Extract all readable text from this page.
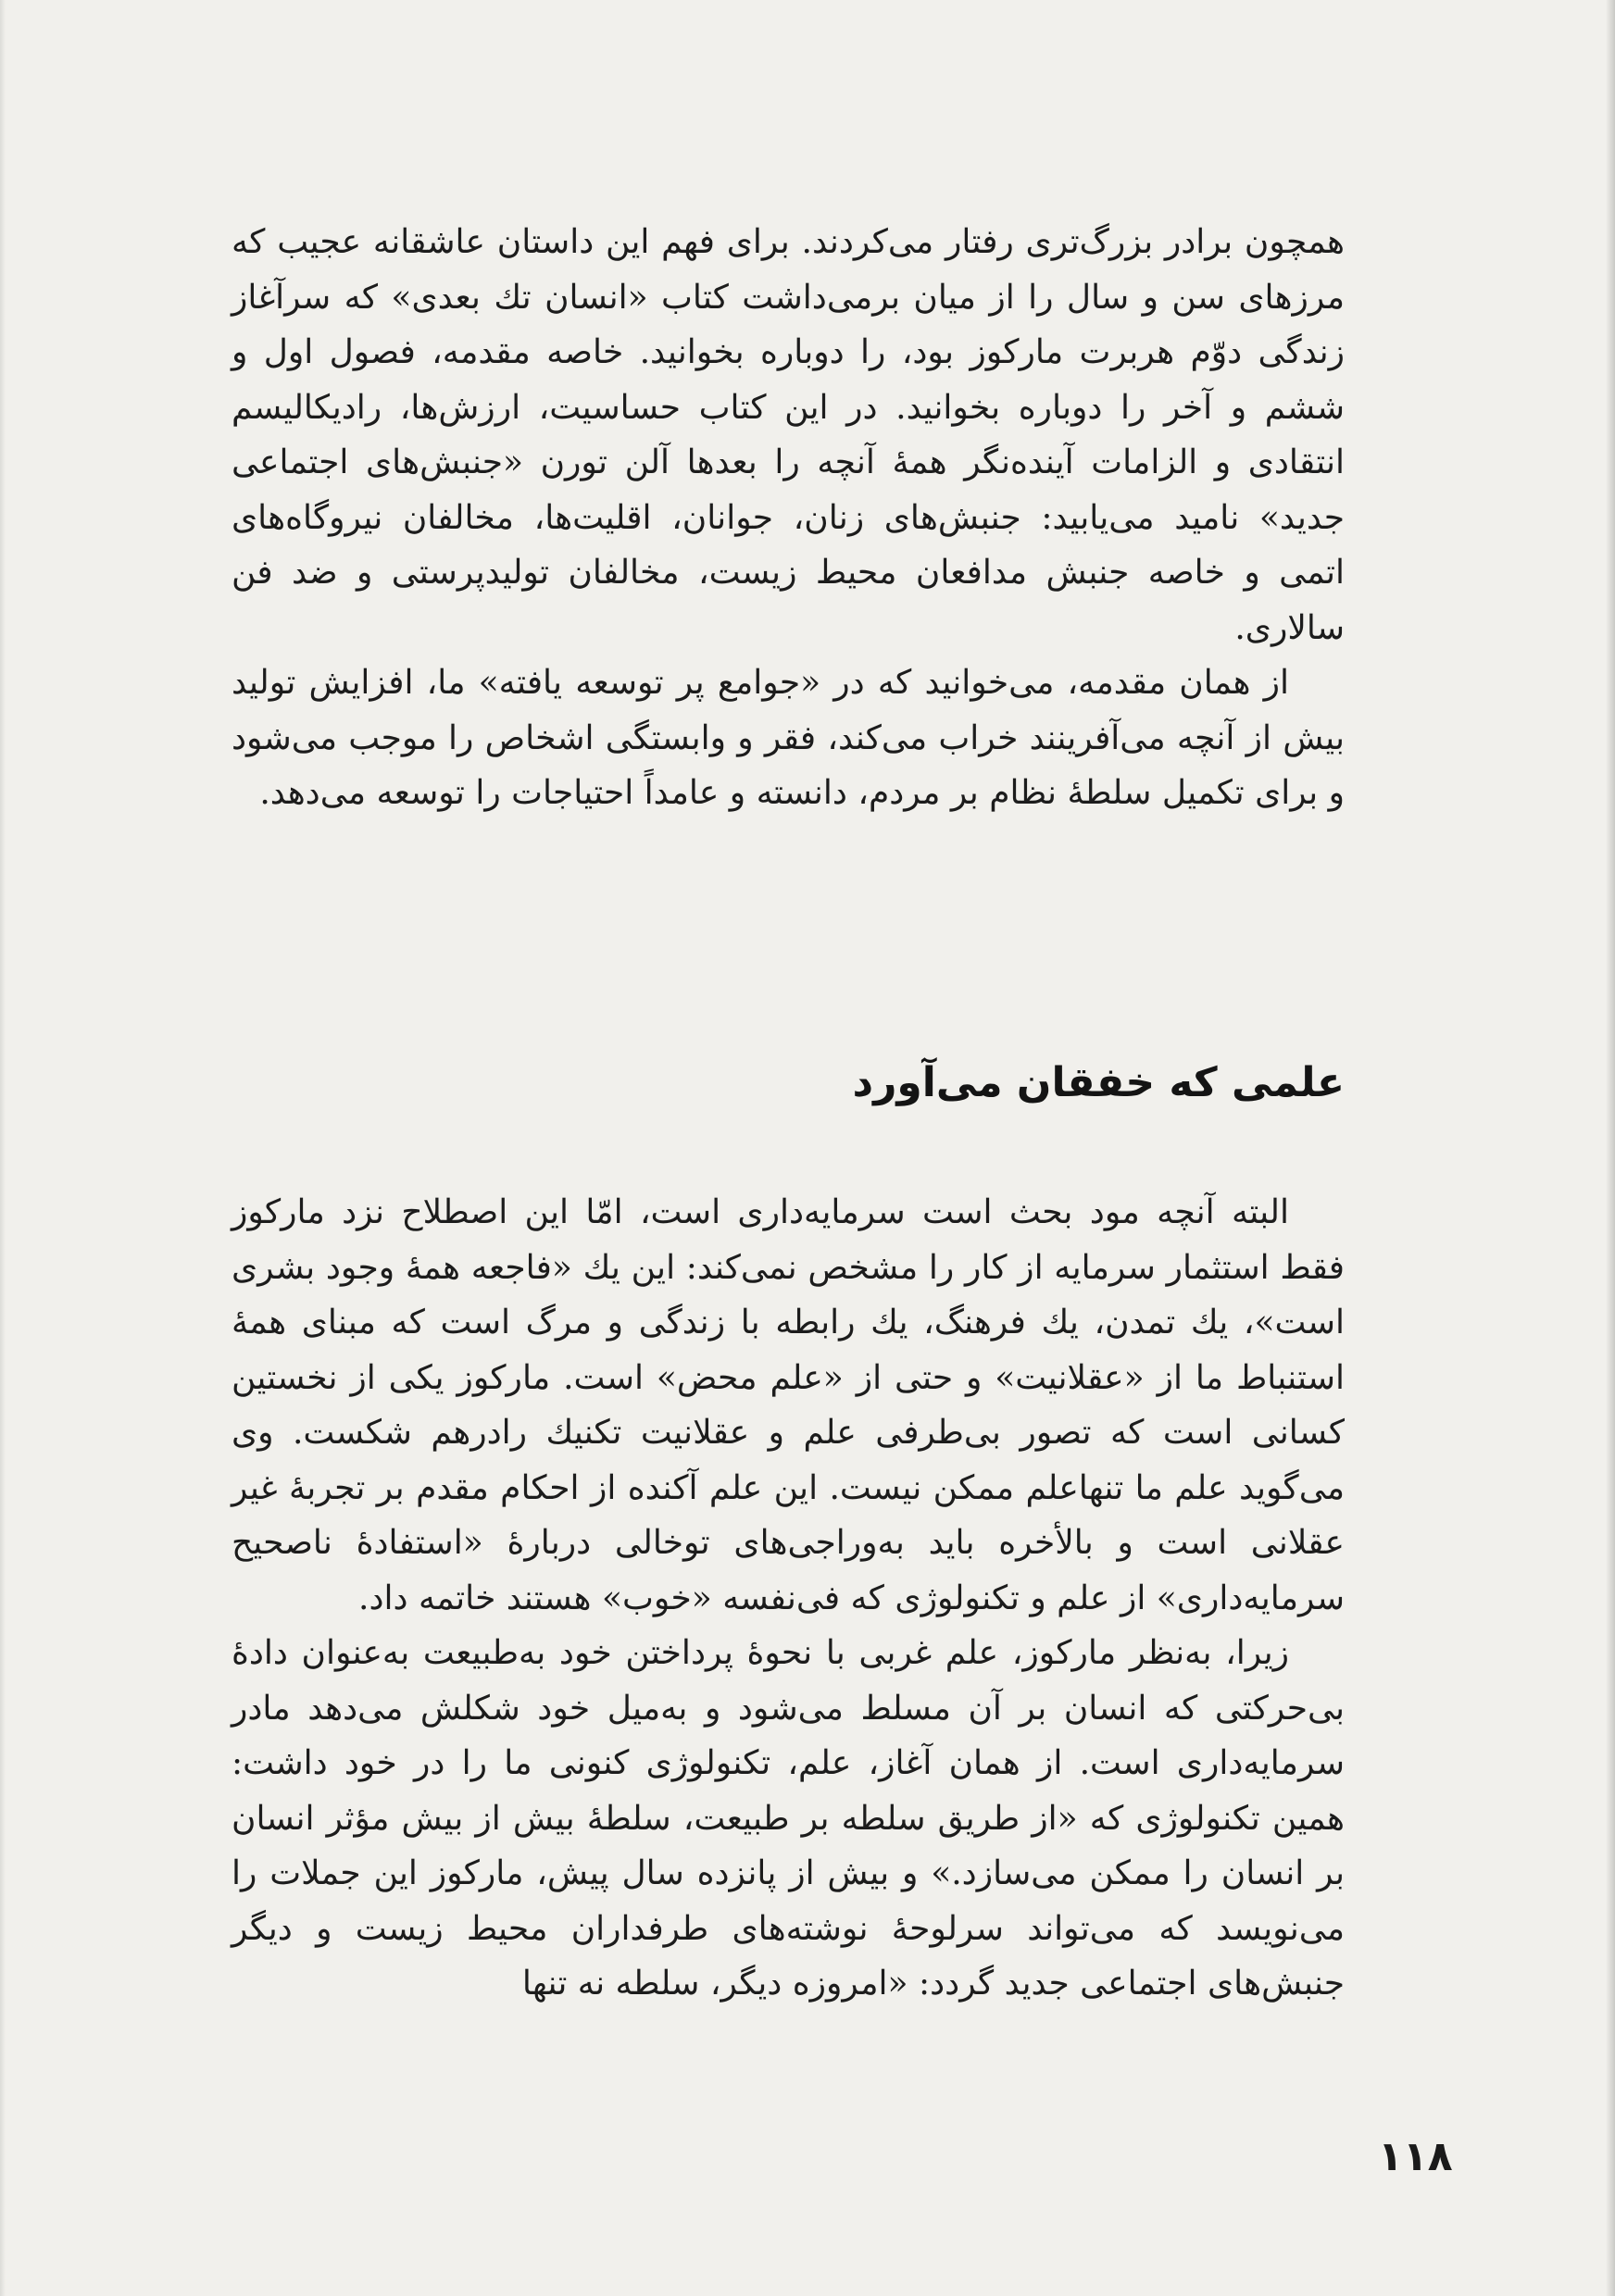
همچون برادر بزرگ‌تری رفتار می‌کردند. برای فهم این داستان عاشقانه عجیب که مرزهای سن و سال را از میان برمی‌داشت کتاب «انسان تك بعدی» که سرآغاز زندگی دوّم هربرت ماركوز بود، را دوباره بخوانید. خاصه مقدمه، فصول اول و ششم و آخر را دوباره بخوانید. در این کتاب حساسیت، ارزش‌ها، رادیکالیسم انتقادی و الزامات آینده‌نگر همهٔ آنچه را بعدها آلن تورن «جنبش‌های اجتماعی جدید» نامید می‌یابید: جنبش‌های زنان، جوانان، اقلیت‌ها، مخالفان نیروگاه‌های اتمی و خاصه جنبش مدافعان محیط زیست، مخالفان تولیدپرستی و ضد فن سالاری.

از همان مقدمه، می‌خوانید که در «جوامع پر توسعه یافته» ما، افزایش تولید بیش از آنچه می‌آفرینند خراب می‌کند، فقر و وابستگی اشخاص را موجب می‌شود و برای تکمیل سلطهٔ نظام بر مردم، دانسته و عامداً احتیاجات را توسعه می‌دهد.

علمی که خفقان می‌آورد

البته آنچه مود بحث است سرمایه‌داری است، امّا این اصطلاح نزد ماركوز فقط استثمار سرمایه از کار را مشخص نمی‌کند: این یك «فاجعه همهٔ وجود بشری است»، یك تمدن، یك فرهنگ، یك رابطه با زندگی و مرگ است که مبنای همهٔ استنباط ما از «عقلانیت» و حتی از «علم محض» است. ماركوز یکی از نخستین کسانی است که تصور بی‌طرفی علم و عقلانیت تکنیك رادرهم شکست. وی می‌گوید علم ما تنهاعلم ممکن نیست. این علم آکنده از احکام مقدم بر تجربهٔ غیر عقلانی است و بالأخره باید به‌وراجی‌های توخالی دربارهٔ «استفادهٔ ناصحیح سرمایه‌داری» از علم و تکنولوژی که فی‌نفسه «خوب» هستند خاتمه داد.

زیرا، به‌نظر ماركوز، علم غربی با نحوهٔ پرداختن خود به‌طبیعت به‌عنوان دادهٔ بی‌حرکتی که انسان بر آن مسلط می‌شود و به‌میل خود شکلش می‌دهد مادر سرمایه‌داری است. از همان آغاز، علم، تکنولوژی کنونی ما را در خود داشت: همین تکنولوژی که «از طریق سلطه بر طبیعت، سلطهٔ بیش از بیش مؤثر انسان بر انسان را ممکن می‌سازد.» و بیش از پانزده سال پیش، ماركوز این جملات را می‌نویسد که می‌تواند سرلوحهٔ نوشته‌های طرفداران محیط زیست و دیگر جنبش‌های اجتماعی جدید گردد: «امروزه دیگر، سلطه نه تنها

۱۱۸
